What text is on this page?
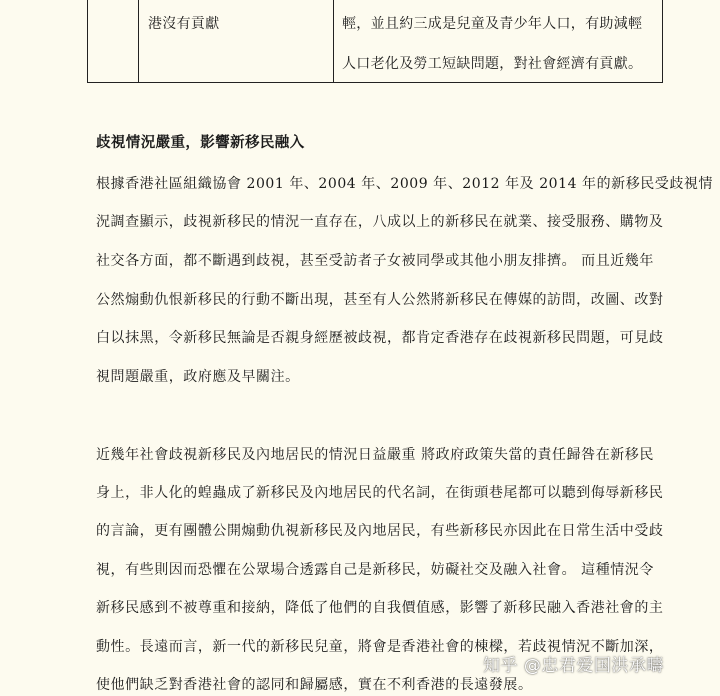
港沒有貢獻	輕，並且約三成是兒童及青少年人口，有助減輕
人口老化及勞工短缺問題，對社會經濟有貢獻。
歧視情況嚴重，影響新移民融入
根據香港社區組織協會 2001 年、2004 年、2009 年、2012 年及 2014 年的新移民受歧視情
況調查顯示，歧視新移民的情況一直存在，八成以上的新移民在就業、接受服務、購物及
社交各方面，都不斷遇到歧視，甚至受訪者子女被同學或其他小朋友排擠。 而且近幾年
公然煽動仇恨新移民的行動不斷出現，甚至有人公然將新移民在傳媒的訪問，改圖、改對
白以抹黑，令新移民無論是否親身經歷被歧視，都肯定香港存在歧視新移民問題，可見歧
視問題嚴重，政府應及早關注。
近幾年社會歧視新移民及內地居民的情況日益嚴重 將政府政策失當的責任歸咎在新移民
身上，非人化的蝗蟲成了新移民及內地居民的代名詞，在街頭巷尾都可以聽到侮辱新移民
的言論，更有團體公開煽動仇視新移民及內地居民，有些新移民亦因此在日常生活中受歧
視，有些則因而恐懼在公眾場合透露自己是新移民，妨礙社交及融入社會。 這種情況令
新移民感到不被尊重和接納，降低了他們的自我價值感，影響了新移民融入香港社會的主
動性。長遠而言，新一代的新移民兒童，將會是香港社會的棟樑，若歧視情況不斷加深，
使他們缺乏對香港社會的認同和歸屬感，實在不利香港的長遠發展。
知乎 @忠君爱国洪承疇
